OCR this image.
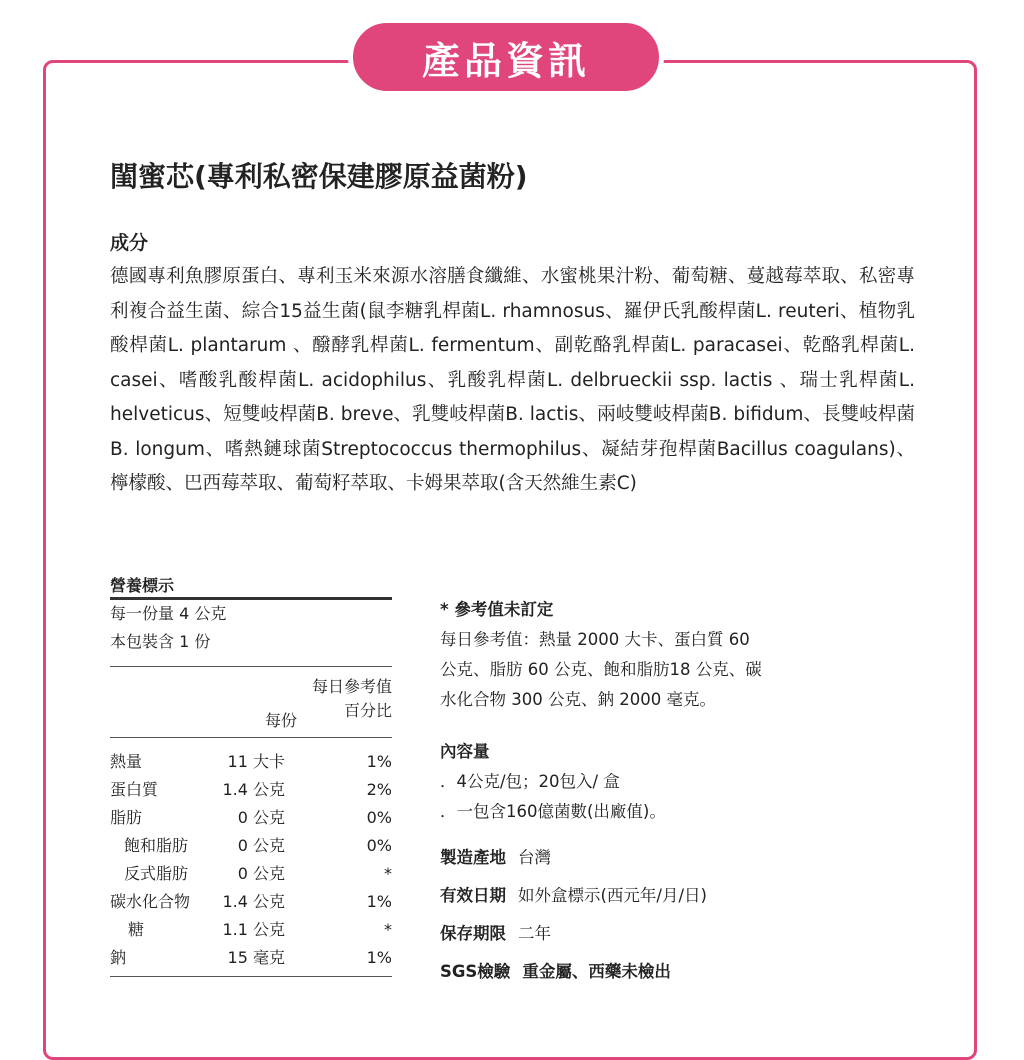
產品資訊
閨蜜芯(專利私密保建膠原益菌粉)
成分
德國專利魚膠原蛋白、專利玉米來源水溶膳食纖維、水蜜桃果汁粉、葡萄糖、蔓越莓萃取、私密專利複合益生菌、綜合15益生菌(鼠李糖乳桿菌L. rhamnosus、羅伊氏乳酸桿菌L. reuteri、植物乳酸桿菌L. plantarum 、醱酵乳桿菌L. fermentum、副乾酪乳桿菌L. paracasei、乾酪乳桿菌L. casei、嗜酸乳酸桿菌L. acidophilus、乳酸乳桿菌L. delbrueckii ssp. lactis 、瑞士乳桿菌L. helveticus、短雙岐桿菌B. breve、乳雙岐桿菌B. lactis、兩岐雙岐桿菌B. bifidum、長雙岐桿菌B. longum、嗜熱鏈球菌Streptococcus thermophilus、凝結芽孢桿菌Bacillus coagulans)、檸檬酸、巴西莓萃取、葡萄籽萃取、卡姆果萃取(含天然維生素C)
營養標示
每一份量 4 公克
本包裝含 1 份
每份
每日參考值
百分比
熱量	11 大卡	1%
蛋白質	1.4 公克	2%
脂肪	0 公克	0%
飽和脂肪	0 公克	0%
反式脂肪	0 公克	*
碳水化合物	1.4 公克	1%
糖	1.1 公克	*
鈉	15 毫克	1%
* 參考值未訂定
每日參考值：熱量 2000 大卡、蛋白質 60
公克、脂肪 60 公克、飽和脂肪18 公克、碳
水化合物 300 公克、鈉 2000 毫克。
內容量
．4公克/包；20包入/ 盒
．一包含160億菌數(出廠值)。
製造產地 台灣
有效日期 如外盒標示(西元年/月/日)
保存期限 二年
SGS檢驗 重金屬、西藥未檢出
